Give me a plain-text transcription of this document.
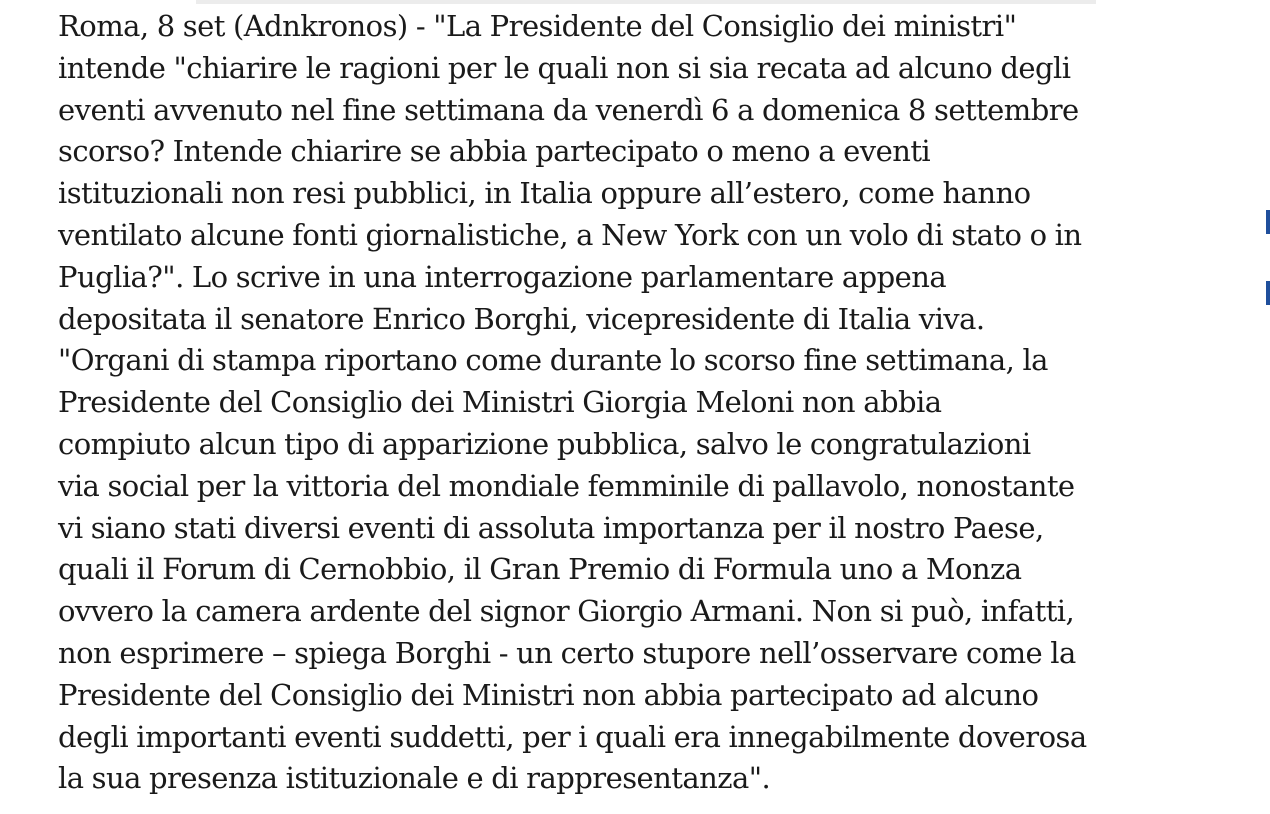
Roma, 8 set (Adnkronos) - "La Presidente del Consiglio dei ministri"
intende "chiarire le ragioni per le quali non si sia recata ad alcuno degli
eventi avvenuto nel fine settimana da venerdì 6 a domenica 8 settembre
scorso? Intende chiarire se abbia partecipato o meno a eventi
istituzionali non resi pubblici, in Italia oppure all’estero, come hanno
ventilato alcune fonti giornalistiche, a New York con un volo di stato o in
Puglia?". Lo scrive in una interrogazione parlamentare appena
depositata il senatore Enrico Borghi, vicepresidente di Italia viva.
"Organi di stampa riportano come durante lo scorso fine settimana, la
Presidente del Consiglio dei Ministri Giorgia Meloni non abbia
compiuto alcun tipo di apparizione pubblica, salvo le congratulazioni
via social per la vittoria del mondiale femminile di pallavolo, nonostante
vi siano stati diversi eventi di assoluta importanza per il nostro Paese,
quali il Forum di Cernobbio, il Gran Premio di Formula uno a Monza
ovvero la camera ardente del signor Giorgio Armani. Non si può, infatti,
non esprimere – spiega Borghi - un certo stupore nell’osservare come la
Presidente del Consiglio dei Ministri non abbia partecipato ad alcuno
degli importanti eventi suddetti, per i quali era innegabilmente doverosa
la sua presenza istituzionale e di rappresentanza".
